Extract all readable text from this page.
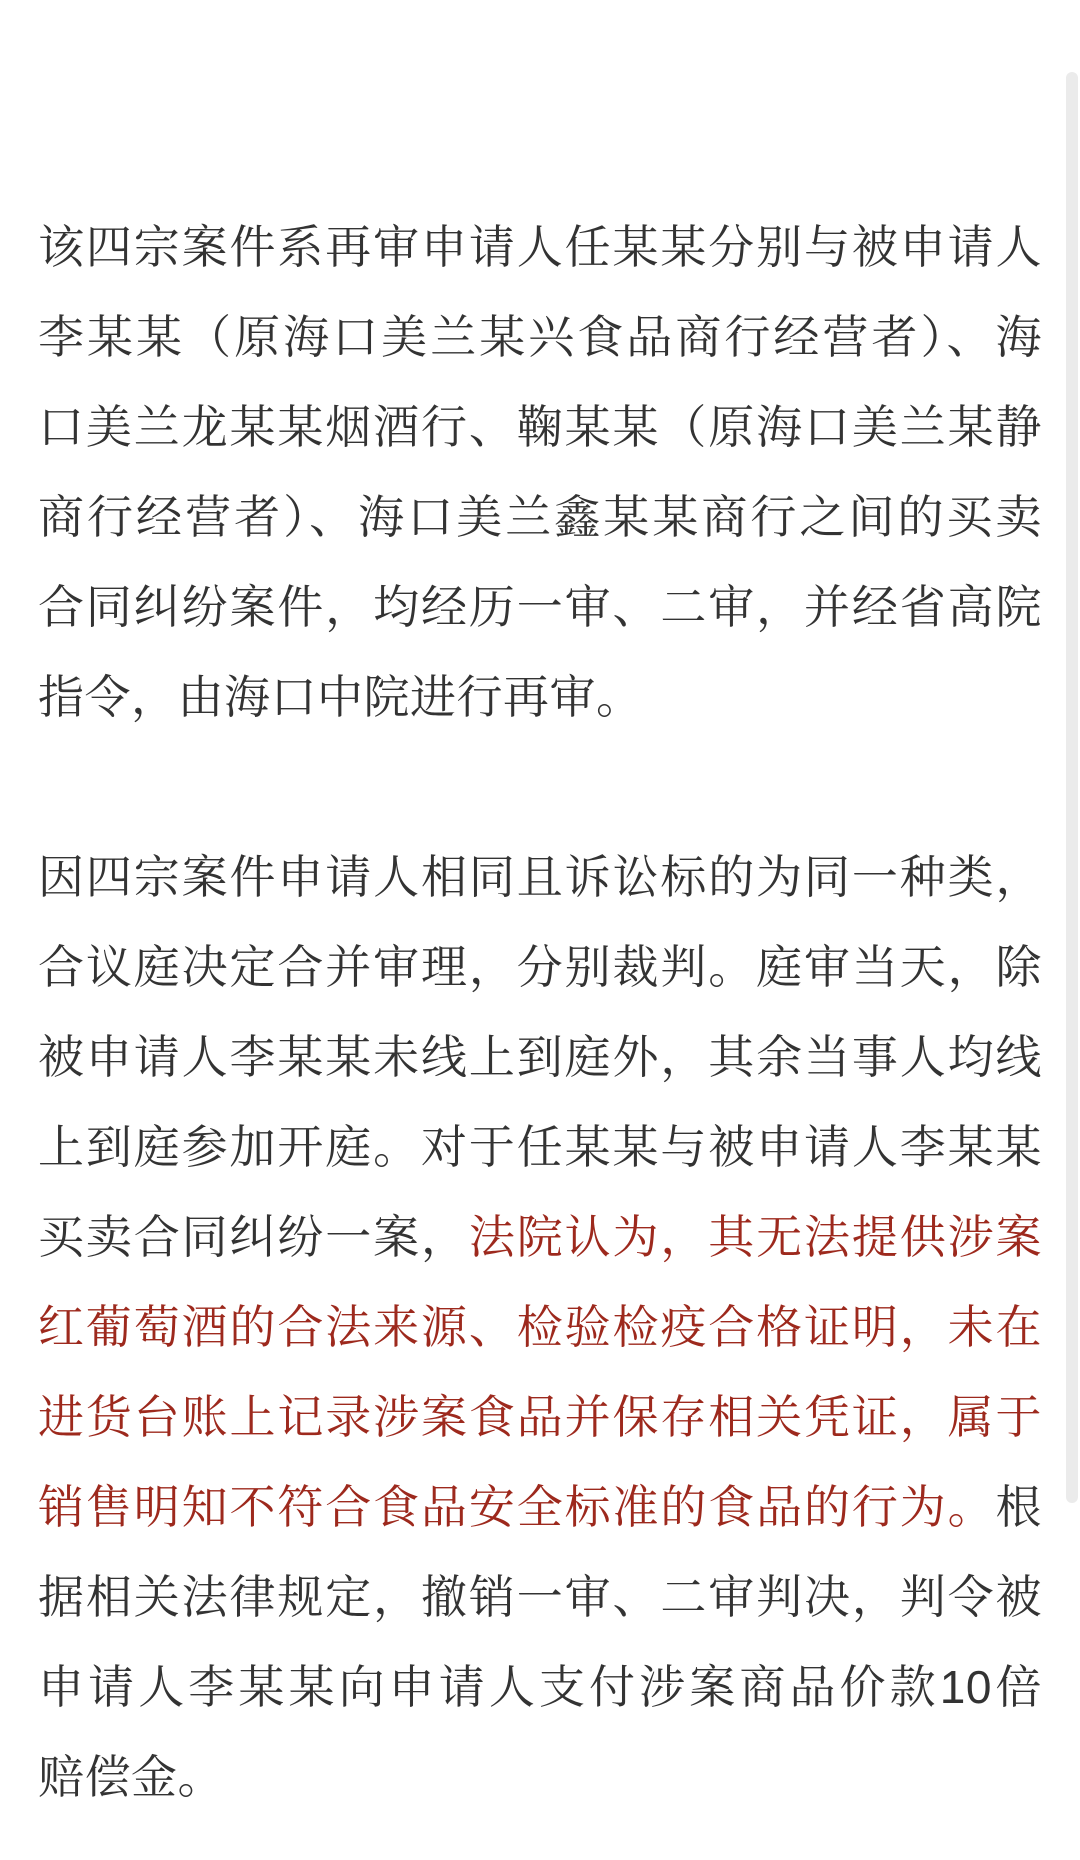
该四宗案件系再审申请人任某某分别与被申请人
李某某（原海口美兰某兴食品商行经营者）、海
口美兰龙某某烟酒行、鞠某某（原海口美兰某静
商行经营者）、海口美兰鑫某某商行之间的买卖
合同纠纷案件，均经历一审、二审，并经省高院
指令，由海口中院进行再审。
因四宗案件申请人相同且诉讼标的为同一种类，
合议庭决定合并审理，分别裁判。庭审当天，除
被申请人李某某未线上到庭外，其余当事人均线
上到庭参加开庭。对于任某某与被申请人李某某
买卖合同纠纷一案，法院认为，其无法提供涉案
红葡萄酒的合法来源、检验检疫合格证明，未在
进货台账上记录涉案食品并保存相关凭证，属于
销售明知不符合食品安全标准的食品的行为。根
据相关法律规定，撤销一审、二审判决，判令被
申请人李某某向申请人支付涉案商品价款10倍
赔偿金。
